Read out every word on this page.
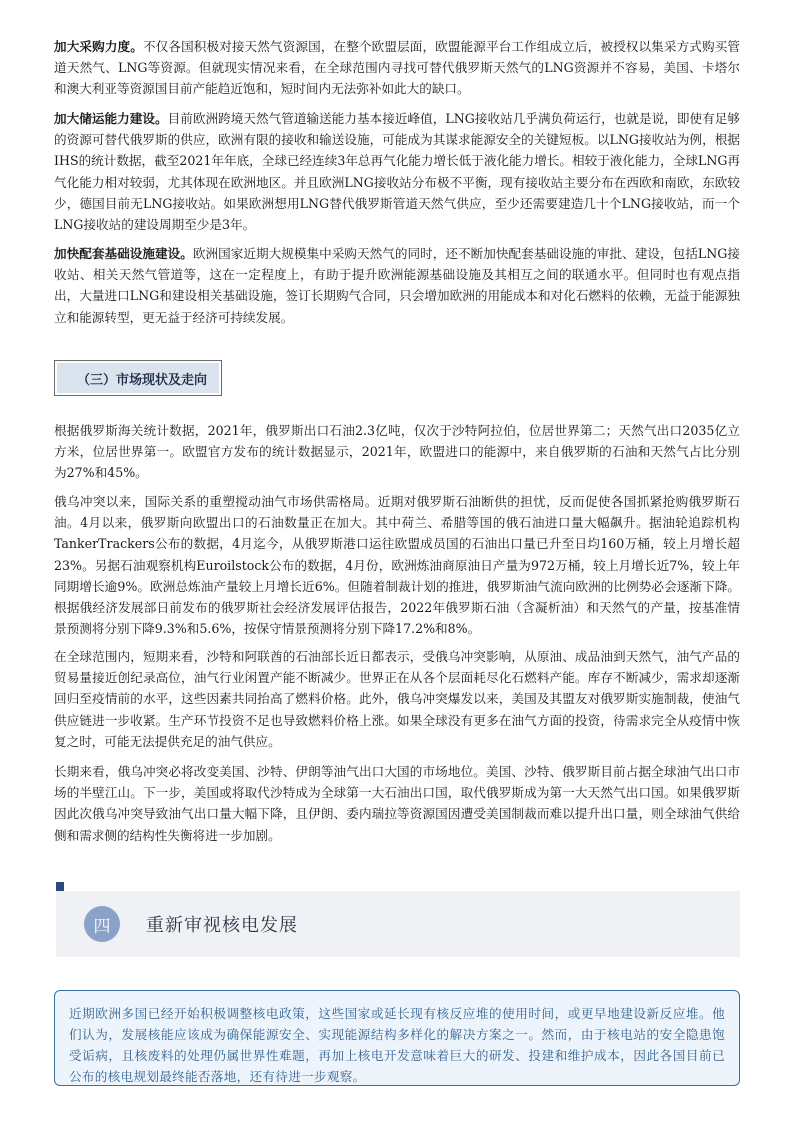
加大采购力度。不仅各国积极对接天然气资源国，在整个欧盟层面，欧盟能源平台工作组成立后，被授权以集采方式购买管道天然气、LNG等资源。但就现实情况来看，在全球范围内寻找可替代俄罗斯天然气的LNG资源并不容易，美国、卡塔尔和澳大利亚等资源国目前产能趋近饱和，短时间内无法弥补如此大的缺口。

加大储运能力建设。目前欧洲跨境天然气管道输送能力基本接近峰值，LNG接收站几乎满负荷运行，也就是说，即使有足够的资源可替代俄罗斯的供应，欧洲有限的接收和输送设施，可能成为其谋求能源安全的关键短板。以LNG接收站为例，根据IHS的统计数据，截至2021年年底，全球已经连续3年总再气化能力增长低于液化能力增长。相较于液化能力，全球LNG再气化能力相对较弱，尤其体现在欧洲地区。并且欧洲LNG接收站分布极不平衡，现有接收站主要分布在西欧和南欧，东欧较少，德国目前无LNG接收站。如果欧洲想用LNG替代俄罗斯管道天然气供应，至少还需要建造几十个LNG接收站，而一个LNG接收站的建设周期至少是3年。

加快配套基础设施建设。欧洲国家近期大规模集中采购天然气的同时，还不断加快配套基础设施的审批、建设，包括LNG接收站、相关天然气管道等，这在一定程度上，有助于提升欧洲能源基础设施及其相互之间的联通水平。但同时也有观点指出，大量进口LNG和建设相关基础设施，签订长期购气合同，只会增加欧洲的用能成本和对化石燃料的依赖，无益于能源独立和能源转型，更无益于经济可持续发展。

（三）市场现状及走向

根据俄罗斯海关统计数据，2021年，俄罗斯出口石油2.3亿吨，仅次于沙特阿拉伯，位居世界第二；天然气出口2035亿立方米，位居世界第一。欧盟官方发布的统计数据显示，2021年，欧盟进口的能源中，来自俄罗斯的石油和天然气占比分别为27%和45%。

俄乌冲突以来，国际关系的重塑搅动油气市场供需格局。近期对俄罗斯石油断供的担忧，反而促使各国抓紧抢购俄罗斯石油。4月以来，俄罗斯向欧盟出口的石油数量正在加大。其中荷兰、希腊等国的俄石油进口量大幅飙升。据油轮追踪机构TankerTrackers公布的数据，4月迄今，从俄罗斯港口运往欧盟成员国的石油出口量已升至日均160万桶，较上月增长超23%。另据石油观察机构Euroilstock公布的数据，4月份，欧洲炼油商原油日产量为972万桶，较上月增长近7%，较上年同期增长逾9%。欧洲总炼油产量较上月增长近6%。但随着制裁计划的推进，俄罗斯油气流向欧洲的比例势必会逐渐下降。根据俄经济发展部日前发布的俄罗斯社会经济发展评估报告，2022年俄罗斯石油（含凝析油）和天然气的产量，按基准情景预测将分别下降9.3%和5.6%，按保守情景预测将分别下降17.2%和8%。

在全球范围内，短期来看，沙特和阿联酋的石油部长近日都表示，受俄乌冲突影响，从原油、成品油到天然气，油气产品的贸易量接近创纪录高位，油气行业闲置产能不断减少。世界正在从各个层面耗尽化石燃料产能。库存不断减少，需求却逐渐回归至疫情前的水平，这些因素共同抬高了燃料价格。此外，俄乌冲突爆发以来，美国及其盟友对俄罗斯实施制裁，使油气供应链进一步收紧。生产环节投资不足也导致燃料价格上涨。如果全球没有更多在油气方面的投资，待需求完全从疫情中恢复之时，可能无法提供充足的油气供应。

长期来看，俄乌冲突必将改变美国、沙特、伊朗等油气出口大国的市场地位。美国、沙特、俄罗斯目前占据全球油气出口市场的半壁江山。下一步，美国或将取代沙特成为全球第一大石油出口国，取代俄罗斯成为第一大天然气出口国。如果俄罗斯因此次俄乌冲突导致油气出口量大幅下降，且伊朗、委内瑞拉等资源国因遭受美国制裁而难以提升出口量，则全球油气供给侧和需求侧的结构性失衡将进一步加剧。

四	重新审视核电发展
近期欧洲多国已经开始积极调整核电政策，这些国家或延长现有核反应堆的使用时间，或更早地建设新反应堆。他们认为，发展核能应该成为确保能源安全、实现能源结构多样化的解决方案之一。然而，由于核电站的安全隐患饱受诟病，且核废料的处理仍属世界性难题，再加上核电开发意味着巨大的研发、投建和维护成本，因此各国目前已公布的核电规划最终能否落地，还有待进一步观察。
